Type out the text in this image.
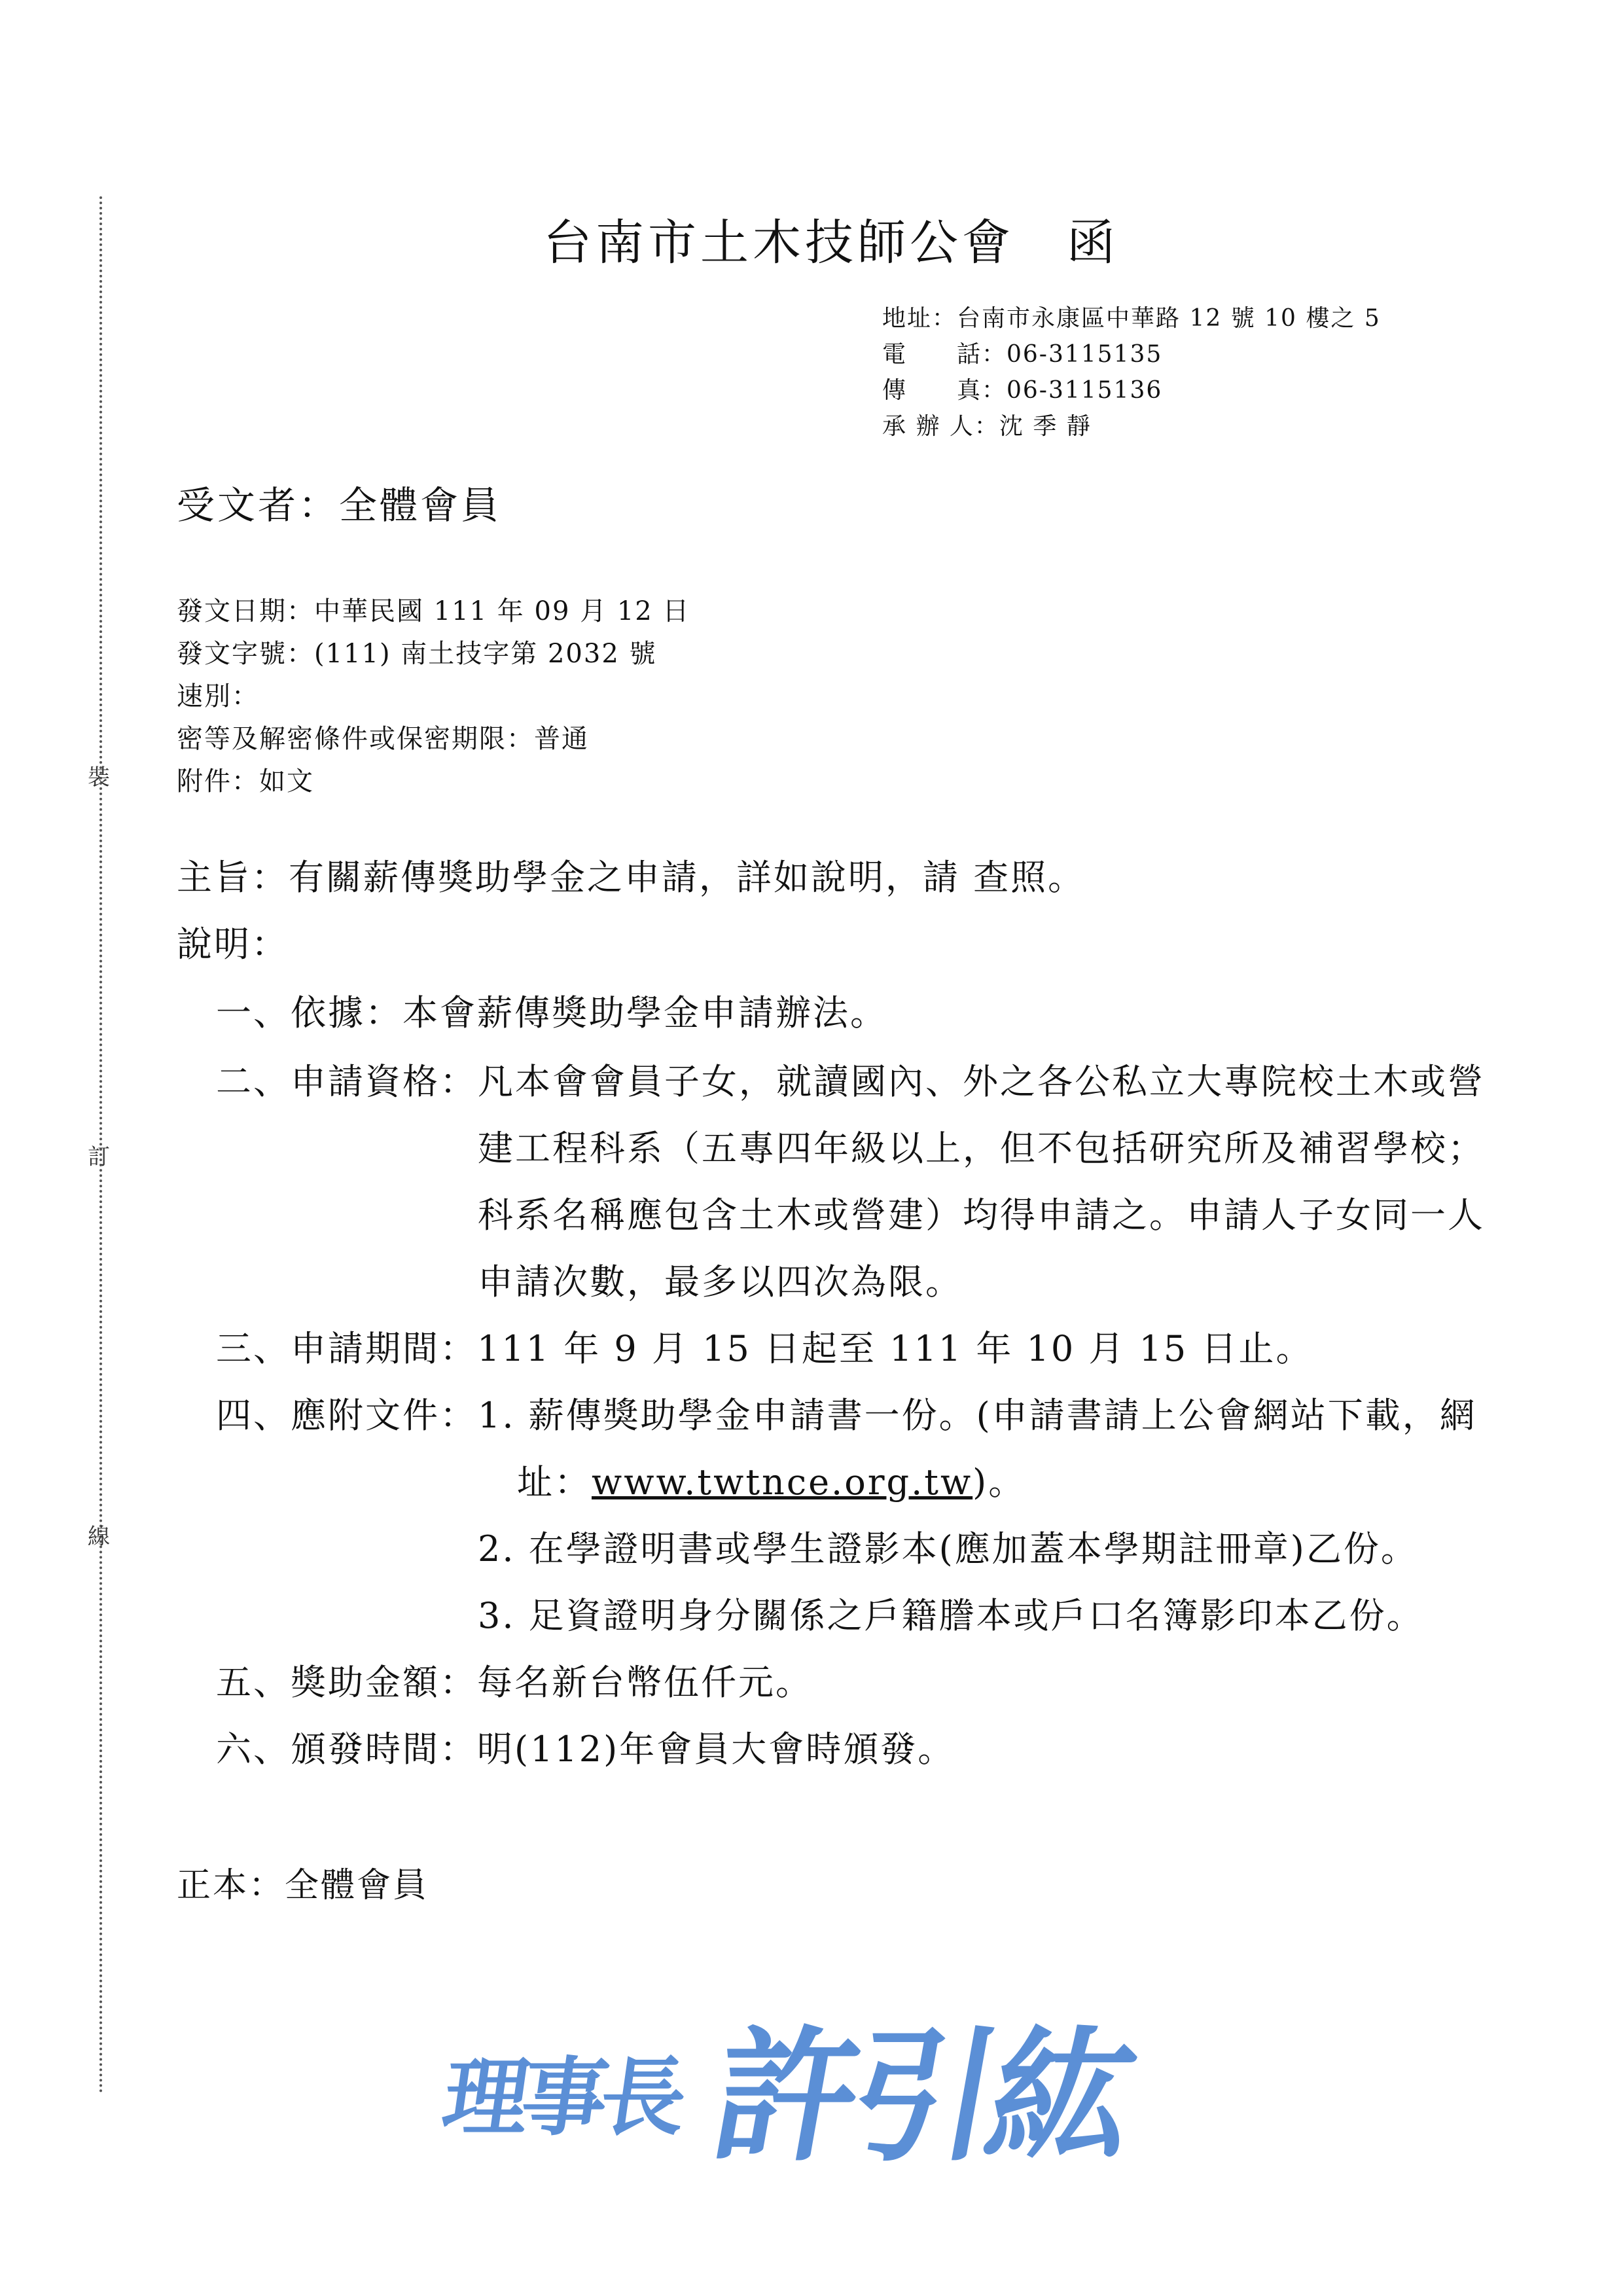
裝
訂
線
台南市土木技師公會　函
地址：台南市永康區中華路 12 號 10 樓之 5
電　　話：06-3115135
傳　　真：06-3115136
承 辦 人：沈 季 靜
受文者：全體會員
發文日期：中華民國 111 年 09 月 12 日
發文字號：(111) 南土技字第 2032 號
速別：
密等及解密條件或保密期限：普通
附件：如文
主旨：有關薪傳獎助學金之申請，詳如說明，請 查照。
說明：
一、依據：本會薪傳獎助學金申請辦法。
二、申請資格： 凡本會會員子女，就讀國內、外之各公私立大專院校土木或營
建工程科系（五專四年級以上，但不包括研究所及補習學校；
科系名稱應包含土木或營建）均得申請之。申請人子女同一人
申請次數，最多以四次為限。
三、申請期間：111 年 9 月 15 日起至 111 年 10 月 15 日止。
四、應附文件： 1. 薪傳獎助學金申請書一份。(申請書請上公會網站下載，網
址：www.twtnce.org.tw)。
2. 在學證明書或學生證影本(應加蓋本學期註冊章)乙份。
3. 足資證明身分關係之戶籍謄本或戶口名簿影印本乙份。
五、獎助金額：每名新台幣伍仟元。
六、頒發時間：明(112)年會員大會時頒發。
正本：全體會員
理
事
長 許
引
紘
